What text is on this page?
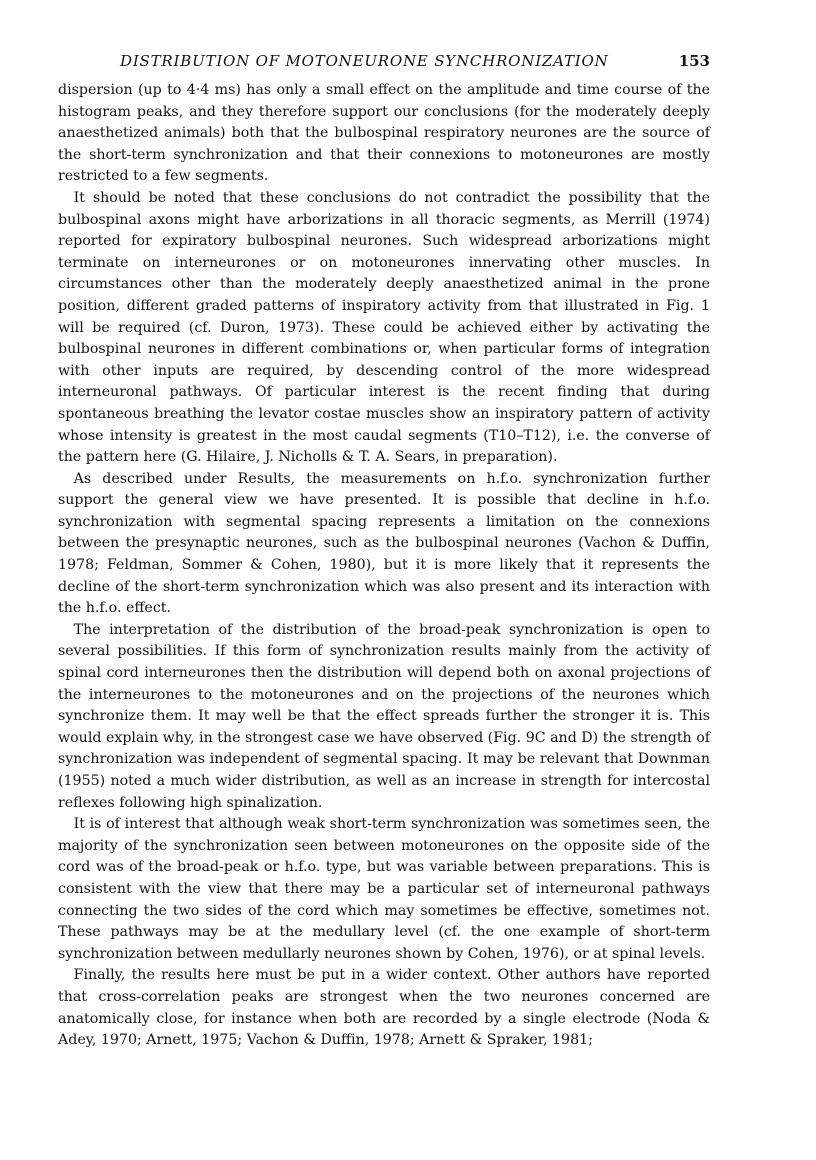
DISTRIBUTION OF MOTONEURONE SYNCHRONIZATION	153

dispersion (up to 4·4 ms) has only a small effect on the amplitude and time course of the histogram peaks, and they therefore support our conclusions (for the moderately deeply anaesthetized animals) both that the bulbospinal respiratory neurones are the source of the short-term synchronization and that their connexions to motoneurones are mostly restricted to a few segments.

It should be noted that these conclusions do not contradict the possibility that the bulbospinal axons might have arborizations in all thoracic segments, as Merrill (1974) reported for expiratory bulbospinal neurones. Such widespread arborizations might terminate on interneurones or on motoneurones innervating other muscles. In circumstances other than the moderately deeply anaesthetized animal in the prone position, different graded patterns of inspiratory activity from that illustrated in Fig. 1 will be required (cf. Duron, 1973). These could be achieved either by activating the bulbospinal neurones in different combinations or, when particular forms of integration with other inputs are required, by descending control of the more widespread interneuronal pathways. Of particular interest is the recent finding that during spontaneous breathing the levator costae muscles show an inspiratory pattern of activity whose intensity is greatest in the most caudal segments (T10–T12), i.e. the converse of the pattern here (G. Hilaire, J. Nicholls & T. A. Sears, in preparation).

As described under Results, the measurements on h.f.o. synchronization further support the general view we have presented. It is possible that decline in h.f.o. synchronization with segmental spacing represents a limitation on the connexions between the presynaptic neurones, such as the bulbospinal neurones (Vachon & Duffin, 1978; Feldman, Sommer & Cohen, 1980), but it is more likely that it represents the decline of the short-term synchronization which was also present and its interaction with the h.f.o. effect.

The interpretation of the distribution of the broad-peak synchronization is open to several possibilities. If this form of synchronization results mainly from the activity of spinal cord interneurones then the distribution will depend both on axonal projections of the interneurones to the motoneurones and on the projections of the neurones which synchronize them. It may well be that the effect spreads further the stronger it is. This would explain why, in the strongest case we have observed (Fig. 9C and D) the strength of synchronization was independent of segmental spacing. It may be relevant that Downman (1955) noted a much wider distribution, as well as an increase in strength for intercostal reflexes following high spinalization.

It is of interest that although weak short-term synchronization was sometimes seen, the majority of the synchronization seen between motoneurones on the opposite side of the cord was of the broad-peak or h.f.o. type, but was variable between preparations. This is consistent with the view that there may be a particular set of interneuronal pathways connecting the two sides of the cord which may sometimes be effective, sometimes not. These pathways may be at the medullary level (cf. the one example of short-term synchronization between medullarly neurones shown by Cohen, 1976), or at spinal levels.

Finally, the results here must be put in a wider context. Other authors have reported that cross-correlation peaks are strongest when the two neurones concerned are anatomically close, for instance when both are recorded by a single electrode (Noda & Adey, 1970; Arnett, 1975; Vachon & Duffin, 1978; Arnett & Spraker, 1981;
